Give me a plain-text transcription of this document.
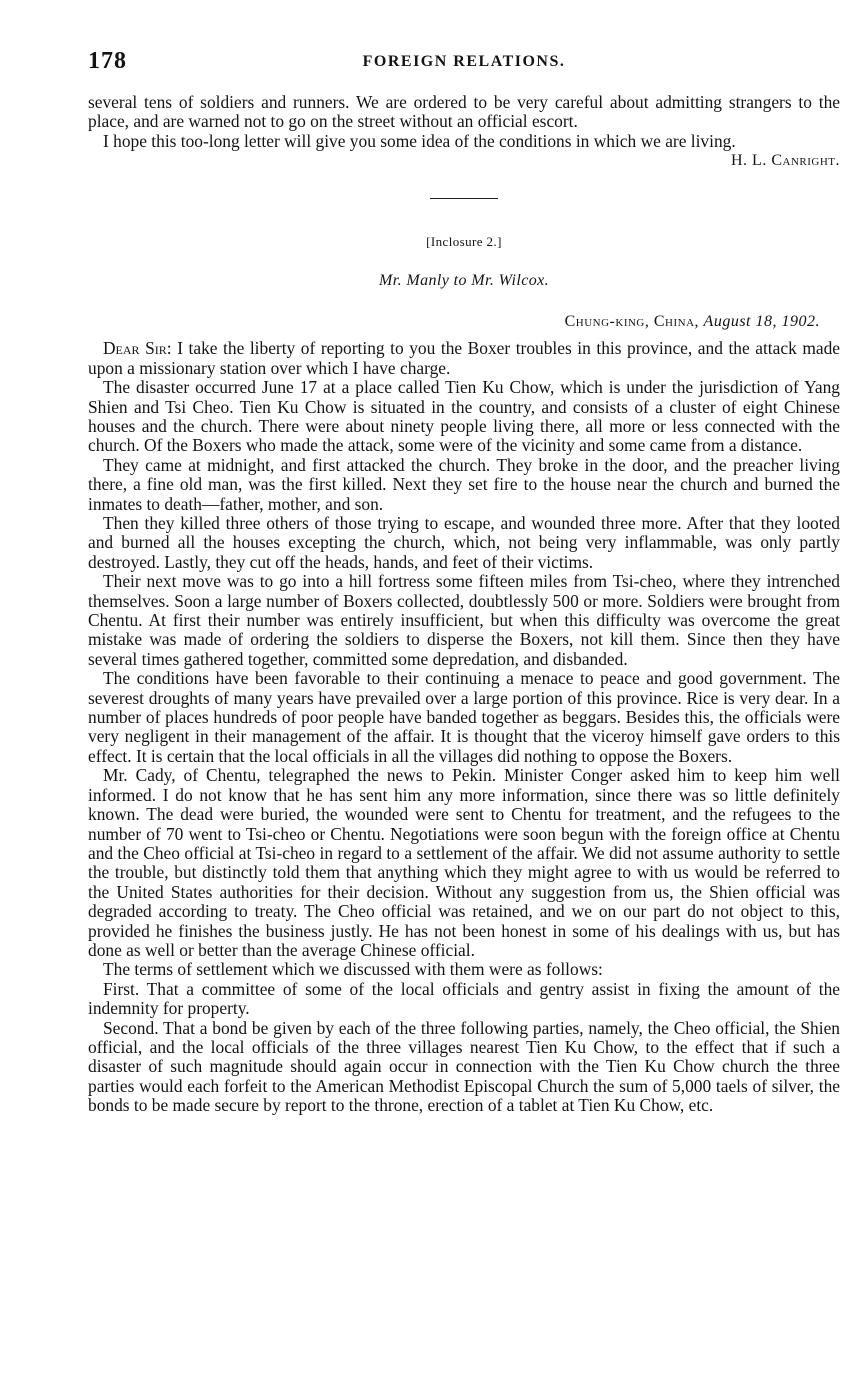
178	FOREIGN RELATIONS.

several tens of soldiers and runners. We are ordered to be very careful about admitting strangers to the place, and are warned not to go on the street without an official escort.

I hope this too-long letter will give you some idea of the conditions in which we are living.

H. L. Canright.

[Inclosure 2.]
Mr. Manly to Mr. Wilcox.
Chung-king, China, August 18, 1902.

Dear Sir: I take the liberty of reporting to you the Boxer troubles in this province, and the attack made upon a missionary station over which I have charge.

The disaster occurred June 17 at a place called Tien Ku Chow, which is under the jurisdiction of Yang Shien and Tsi Cheo. Tien Ku Chow is situated in the country, and consists of a cluster of eight Chinese houses and the church. There were about ninety people living there, all more or less connected with the church. Of the Boxers who made the attack, some were of the vicinity and some came from a distance.

They came at midnight, and first attacked the church. They broke in the door, and the preacher living there, a fine old man, was the first killed. Next they set fire to the house near the church and burned the inmates to death—father, mother, and son.

Then they killed three others of those trying to escape, and wounded three more. After that they looted and burned all the houses excepting the church, which, not being very inflammable, was only partly destroyed. Lastly, they cut off the heads, hands, and feet of their victims.

Their next move was to go into a hill fortress some fifteen miles from Tsi-cheo, where they intrenched themselves. Soon a large number of Boxers collected, doubtlessly 500 or more. Soldiers were brought from Chentu. At first their number was entirely insufficient, but when this difficulty was overcome the great mistake was made of ordering the soldiers to disperse the Boxers, not kill them. Since then they have several times gathered together, committed some depredation, and disbanded.

The conditions have been favorable to their continuing a menace to peace and good government. The severest droughts of many years have prevailed over a large portion of this province. Rice is very dear. In a number of places hundreds of poor people have banded together as beggars. Besides this, the officials were very negligent in their management of the affair. It is thought that the viceroy himself gave orders to this effect. It is certain that the local officials in all the villages did nothing to oppose the Boxers.

Mr. Cady, of Chentu, telegraphed the news to Pekin. Minister Conger asked him to keep him well informed. I do not know that he has sent him any more information, since there was so little definitely known. The dead were buried, the wounded were sent to Chentu for treatment, and the refugees to the number of 70 went to Tsi-cheo or Chentu. Negotiations were soon begun with the foreign office at Chentu and the Cheo official at Tsi-cheo in regard to a settlement of the affair. We did not assume authority to settle the trouble, but distinctly told them that anything which they might agree to with us would be referred to the United States authorities for their decision. Without any suggestion from us, the Shien official was degraded according to treaty. The Cheo official was retained, and we on our part do not object to this, provided he finishes the business justly. He has not been honest in some of his dealings with us, but has done as well or better than the average Chinese official.

The terms of settlement which we discussed with them were as follows:

First. That a committee of some of the local officials and gentry assist in fixing the amount of the indemnity for property.

Second. That a bond be given by each of the three following parties, namely, the Cheo official, the Shien official, and the local officials of the three villages nearest Tien Ku Chow, to the effect that if such a disaster of such magnitude should again occur in connection with the Tien Ku Chow church the three parties would each forfeit to the American Methodist Episcopal Church the sum of 5,000 taels of silver, the bonds to be made secure by report to the throne, erection of a tablet at Tien Ku Chow, etc.
